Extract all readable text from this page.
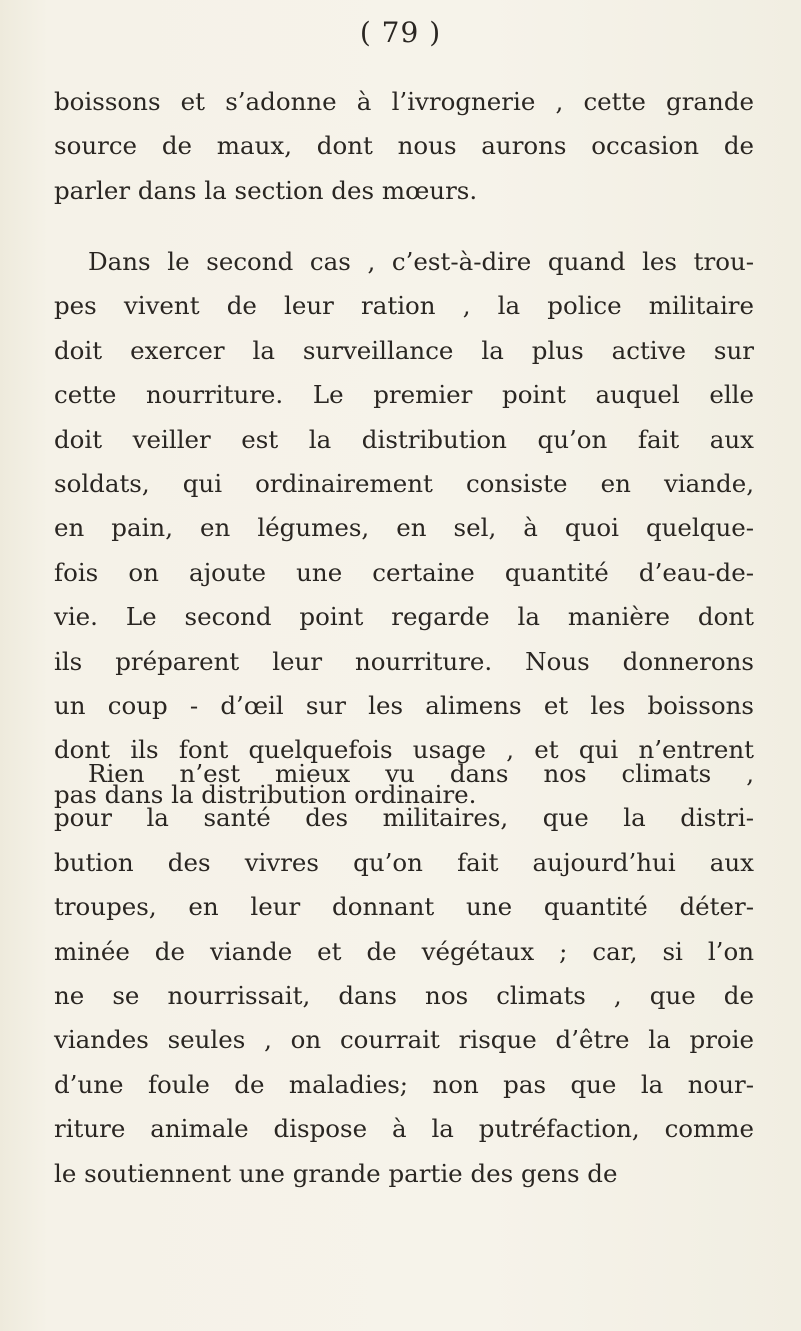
( 79 )
boissons et s’adonne à l’ivrognerie , cette grande
source de maux, dont nous aurons occasion de
parler dans la section des mœurs.
Dans le second cas , c’est-à-dire quand les trou-
pes vivent de leur ration , la police militaire
doit exercer la surveillance la plus active sur
cette nourriture. Le premier point auquel elle
doit veiller est la distribution qu’on fait aux
soldats, qui ordinairement consiste en viande,
en pain, en légumes, en sel, à quoi quelque-
fois on ajoute une certaine quantité d’eau-de-
vie. Le second point regarde la manière dont
ils préparent leur nourriture. Nous donnerons
un coup - d’œil sur les alimens et les boissons
dont ils font quelquefois usage , et qui n’entrent
pas dans la distribution ordinaire.
Rien n’est mieux vu dans nos climats ,
pour la santé des militaires, que la distri-
bution des vivres qu’on fait aujourd’hui aux
troupes, en leur donnant une quantité déter-
minée de viande et de végétaux ; car, si l’on
ne se nourrissait, dans nos climats , que de
viandes seules , on courrait risque d’être la proie
d’une foule de maladies; non pas que la nour-
riture animale dispose à la putréfaction, comme
le soutiennent une grande partie des gens de
